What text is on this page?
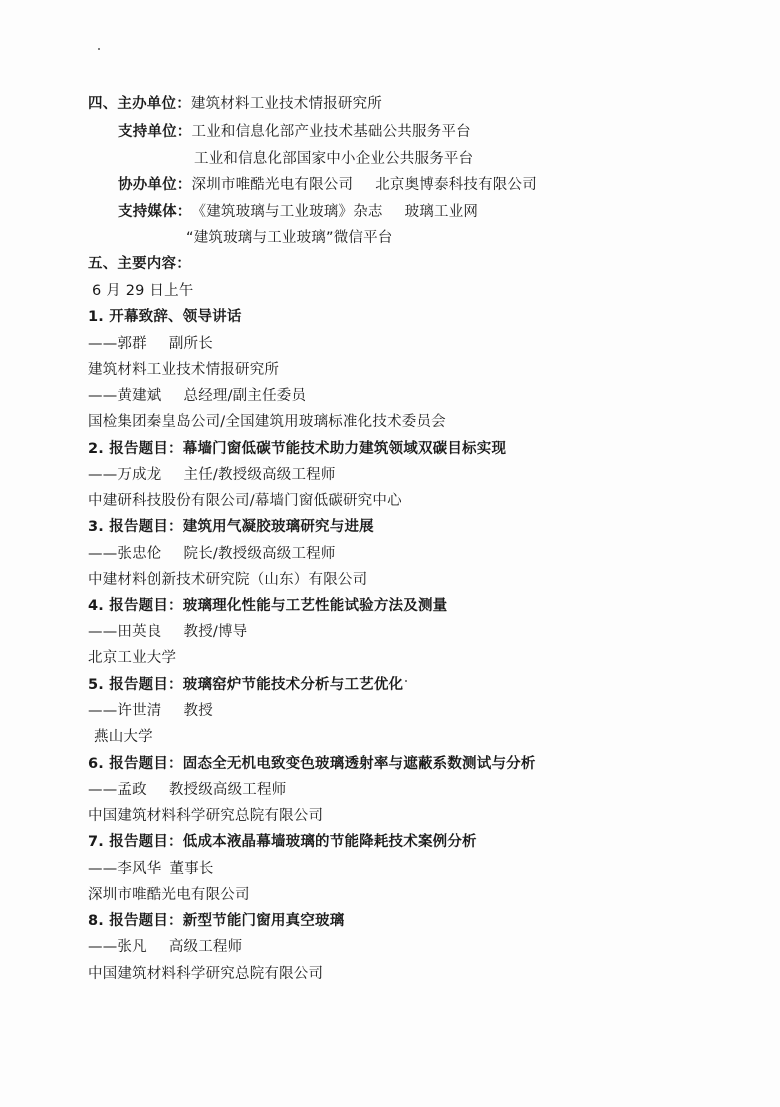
四、主办单位：建筑材料工业技术情报研究所
支持单位：工业和信息化部产业技术基础公共服务平台
工业和信息化部国家中小企业公共服务平台
协办单位：深圳市唯酷光电有限公司 北京奥博泰科技有限公司
支持媒体：《建筑玻璃与工业玻璃》杂志 玻璃工业网
“建筑玻璃与工业玻璃”微信平台
五、主要内容：
6 月 29 日上午
1. 开幕致辞、领导讲话
——郭群 副所长
建筑材料工业技术情报研究所
——黄建斌 总经理/副主任委员
国检集团秦皇岛公司/全国建筑用玻璃标准化技术委员会
2. 报告题目：幕墙门窗低碳节能技术助力建筑领域双碳目标实现
——万成龙 主任/教授级高级工程师
中建研科技股份有限公司/幕墙门窗低碳研究中心
3. 报告题目：建筑用气凝胶玻璃研究与进展
——张忠伦 院长/教授级高级工程师
中建材料创新技术研究院（山东）有限公司
4. 报告题目：玻璃理化性能与工艺性能试验方法及测量
——田英良 教授/博导
北京工业大学
5. 报告题目：玻璃窑炉节能技术分析与工艺优化
——许世清 教授
燕山大学
6. 报告题目：固态全无机电致变色玻璃透射率与遮蔽系数测试与分析
——孟政 教授级高级工程师
中国建筑材料科学研究总院有限公司
7. 报告题目：低成本液晶幕墙玻璃的节能降耗技术案例分析
——李风华 董事长
深圳市唯酷光电有限公司
8. 报告题目：新型节能门窗用真空玻璃
——张凡 高级工程师
中国建筑材料科学研究总院有限公司
